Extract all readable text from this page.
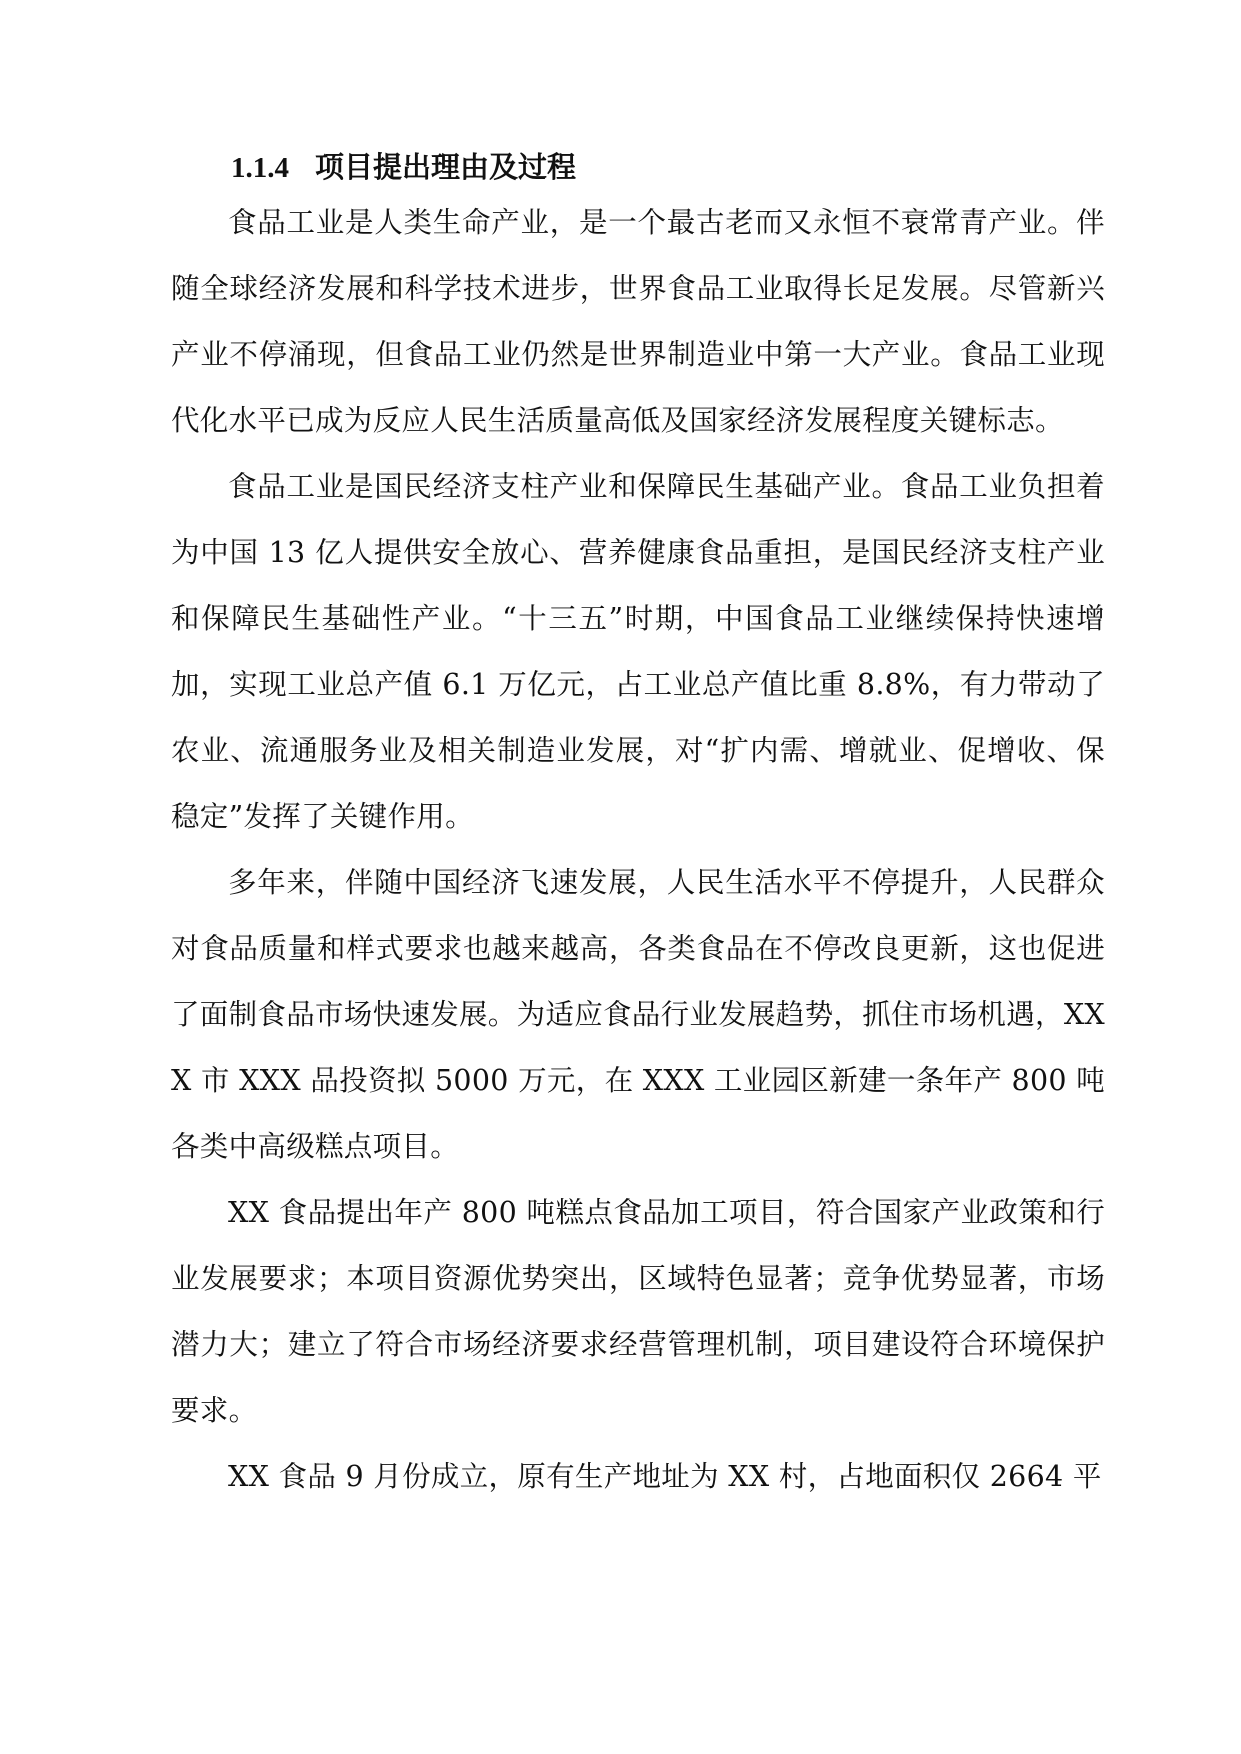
1.1.4 项目提出理由及过程

食品工业是人类生命产业，是一个最古老而又永恒不衰常青产业。伴随全球经济发展和科学技术进步，世界食品工业取得长足发展。尽管新兴产业不停涌现，但食品工业仍然是世界制造业中第一大产业。食品工业现代化水平已成为反应人民生活质量高低及国家经济发展程度关键标志。

食品工业是国民经济支柱产业和保障民生基础产业。食品工业负担着为中国 13 亿人提供安全放心、营养健康食品重担，是国民经济支柱产业和保障民生基础性产业。“十三五”时期，中国食品工业继续保持快速增加，实现工业总产值 6.1 万亿元，占工业总产值比重 8.8%，有力带动了农业、流通服务业及相关制造业发展，对“扩内需、增就业、促增收、保稳定”发挥了关键作用。

多年来，伴随中国经济飞速发展，人民生活水平不停提升，人民群众对食品质量和样式要求也越来越高，各类食品在不停改良更新，这也促进了面制食品市场快速发展。为适应食品行业发展趋势，抓住市场机遇，XXX 市 XXX 品投资拟 5000 万元，在 XXX 工业园区新建一条年产 800 吨各类中高级糕点项目。

XX 食品提出年产 800 吨糕点食品加工项目，符合国家产业政策和行业发展要求；本项目资源优势突出，区域特色显著；竞争优势显著，市场潜力大；建立了符合市场经济要求经营管理机制，项目建设符合环境保护要求。

XX 食品 9 月份成立，原有生产地址为 XX 村，占地面积仅 2664 平
